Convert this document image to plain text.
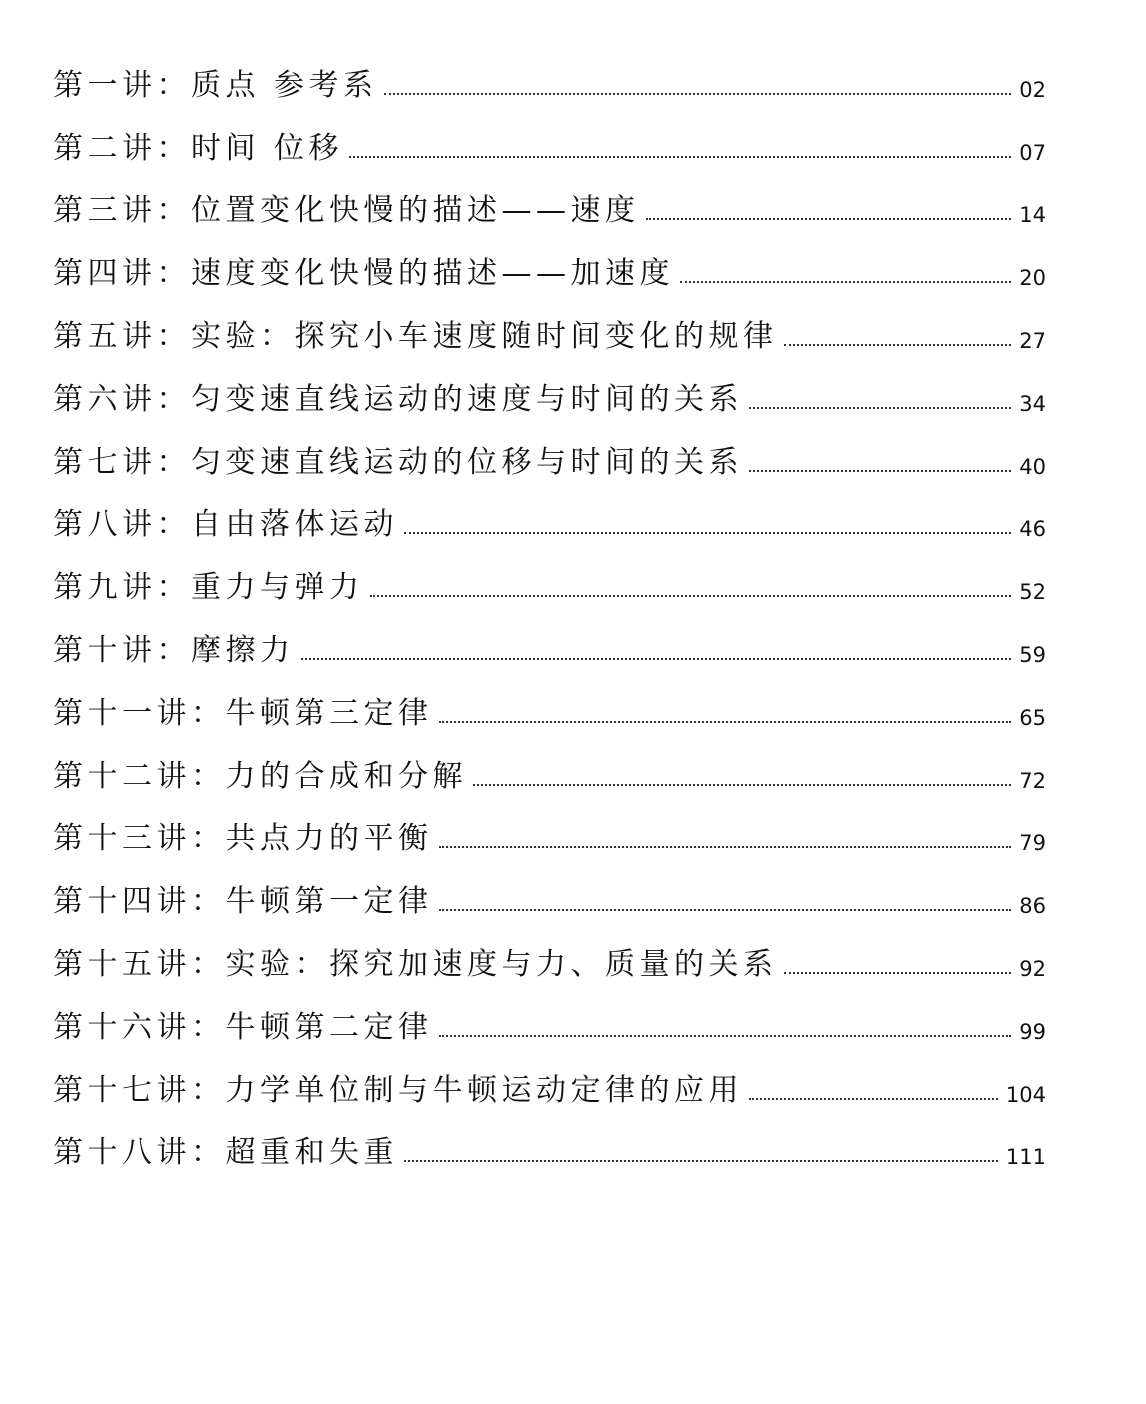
第一讲：质点 参考系	02
第二讲：时间 位移	07
第三讲：位置变化快慢的描述——速度	14
第四讲：速度变化快慢的描述——加速度	20
第五讲：实验：探究小车速度随时间变化的规律	27
第六讲：匀变速直线运动的速度与时间的关系	34
第七讲：匀变速直线运动的位移与时间的关系	40
第八讲：自由落体运动	46
第九讲：重力与弹力	52
第十讲：摩擦力	59
第十一讲：牛顿第三定律	65
第十二讲：力的合成和分解	72
第十三讲：共点力的平衡	79
第十四讲：牛顿第一定律	86
第十五讲：实验：探究加速度与力、质量的关系	92
第十六讲：牛顿第二定律	99
第十七讲：力学单位制与牛顿运动定律的应用	104
第十八讲：超重和失重	111
